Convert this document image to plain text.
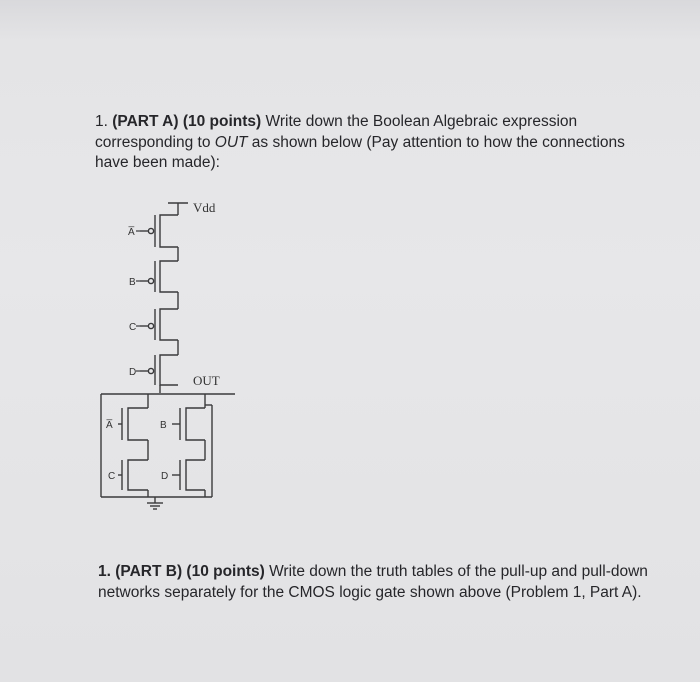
1. (PART A) (10 points) Write down the Boolean Algebraic expression
corresponding to OUT as shown below (Pay attention to how the connections
have been made):
Vdd
OUT
A̅
B
C
D
A̅	B
C	D
1. (PART B) (10 points) Write down the truth tables of the pull-up and pull-down
networks separately for the CMOS logic gate shown above (Problem 1, Part A).
